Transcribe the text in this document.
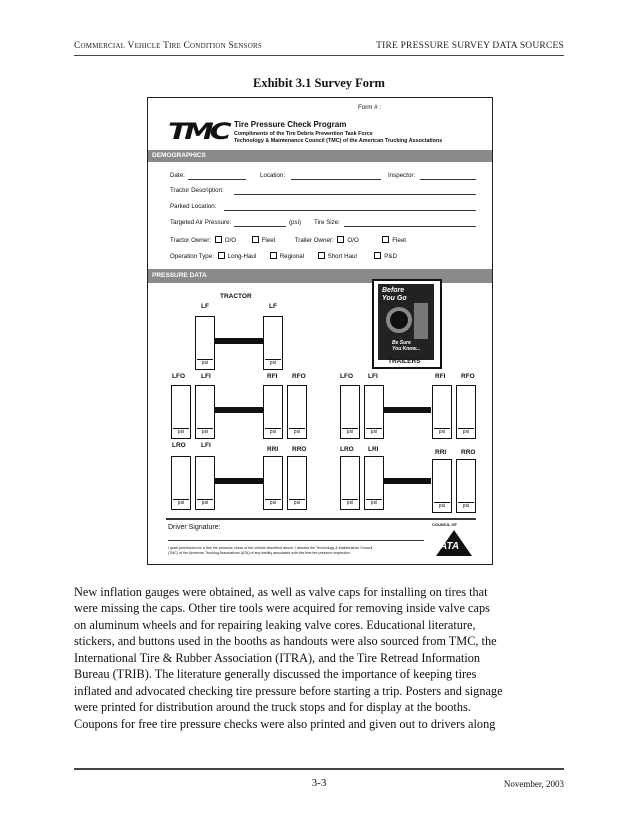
Commercial Vehicle Tire Condition Sensors	TIRE PRESSURE SURVEY DATA SOURCES
Exhibit 3.1 Survey Form
Form # :
TMC Tire Pressure Check Program
Compliments of the Tire Debris Prevention Task Force
Technology & Maintenance Council (TMC) of the American Trucking Associations
DEMOGRAPHICS
Date:	Location:	Inspector:
Tractor Description:
Parked Location:
Targeted Air Pressure:	(psi) Tire Size:
Tractor Owner: O/O	Fleet	Trailer Owner: O/O	Fleet
Operation Type: Long-Haul	Regional	Short Haul	P&D
PRESSURE DATA
TRACTOR
LF	LF
psi	psi
Before
You Go
Be Sure
You Know...
TRAILERS
LFO LFI	RFI RFO	LFO LFI	RFI RFO
psi	psi	psi	psi	psi	psi	psi	psi
LRO LFI
RRI RRO	LRO LRI	RRI RRO
psi	psi	psi	psi	psi	psi	psi	psi
Driver Signature:
I grant permission for a free tire pressure check of the vehicle described above. I absolve the Technology & Maintenance Council
(TMC) of the American Trucking Associations (ATA) of any liability associated with this free tire pressure inspection.
COUNCIL OF
ATA
New inflation gauges were obtained, as well as valve caps for installing on tires that
were missing the caps. Other tire tools were acquired for removing inside valve caps
on aluminum wheels and for repairing leaking valve cores. Educational literature,
stickers, and buttons used in the booths as handouts were also sourced from TMC, the
International Tire & Rubber Association (ITRA), and the Tire Retread Information
Bureau (TRIB). The literature generally discussed the importance of keeping tires
inflated and advocated checking tire pressure before starting a trip. Posters and signage
were printed for distribution around the truck stops and for display at the booths.
Coupons for free tire pressure checks were also printed and given out to drivers along
3-3	November, 2003
